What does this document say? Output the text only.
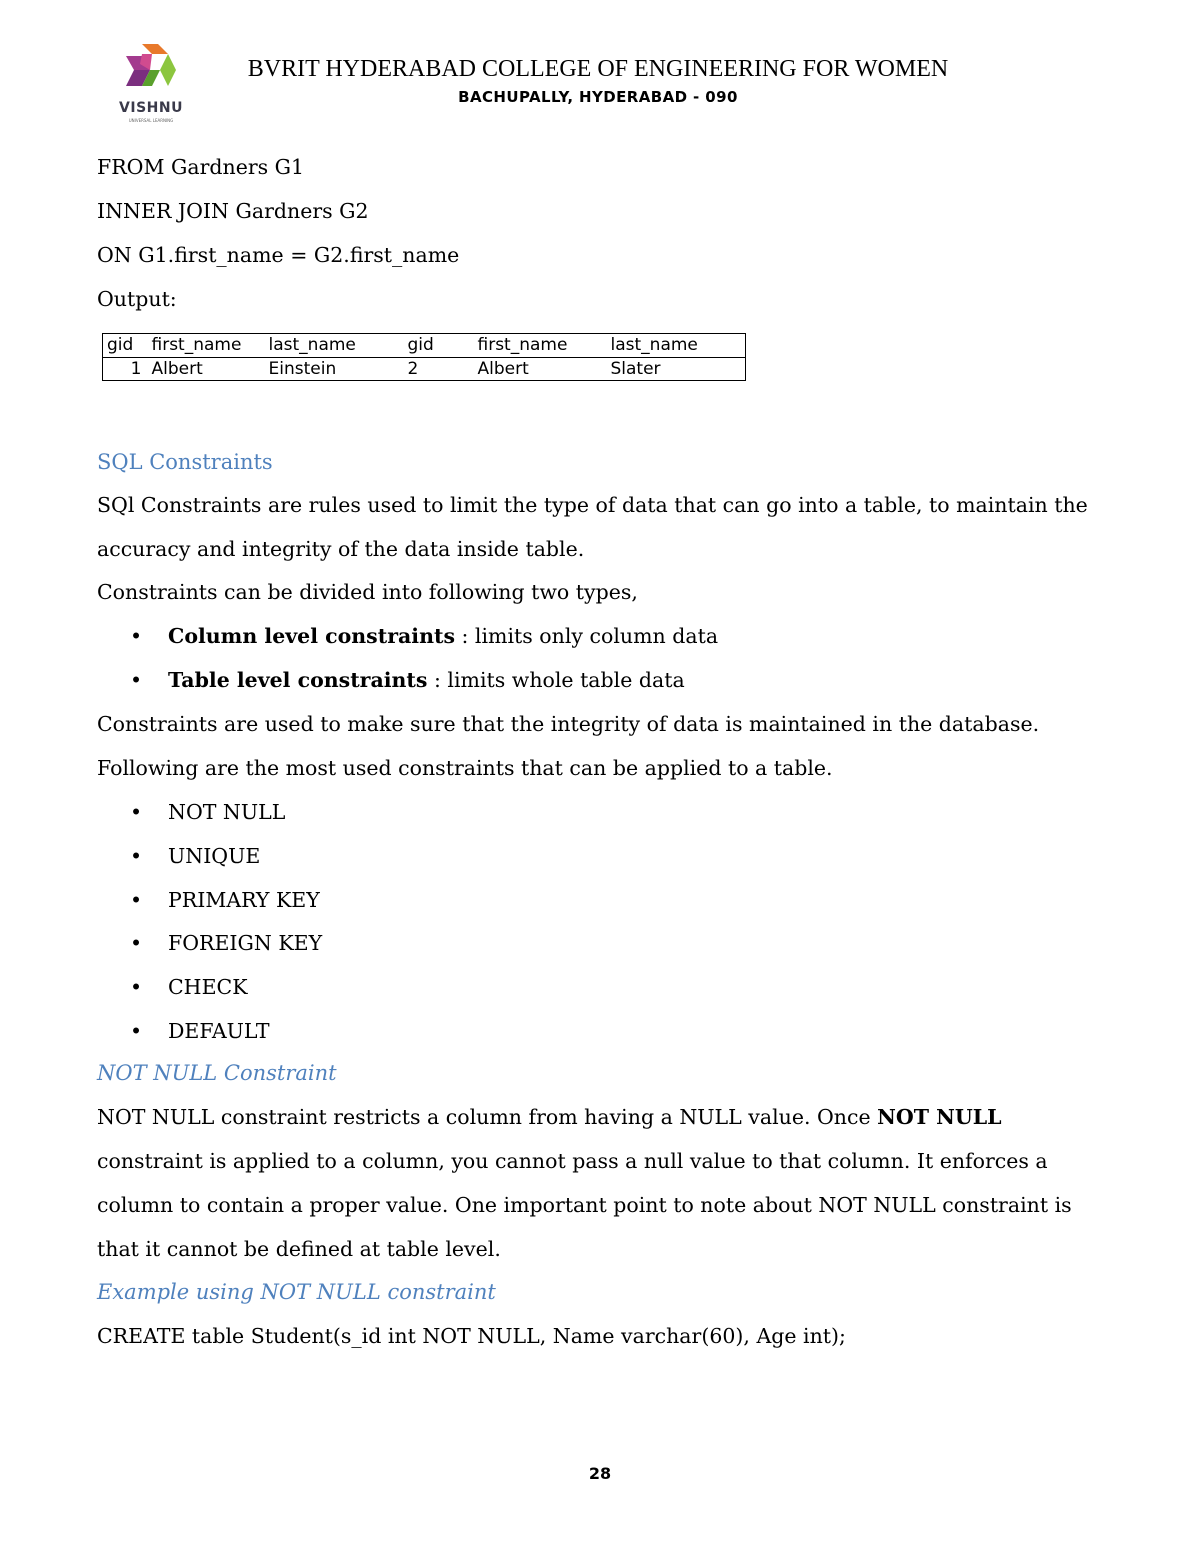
VISHNU
UNIVERSAL LEARNING
BVRIT HYDERABAD COLLEGE OF ENGINEERING FOR WOMEN
BACHUPALLY, HYDERABAD - 090
FROM Gardners G1
INNER JOIN Gardners G2
ON G1.first_name = G2.first_name
Output:
gid	first_name	last_name	gid	first_name	last_name
1	Albert	Einstein	2	Albert	Slater
SQL Constraints
SQl Constraints are rules used to limit the type of data that can go into a table, to maintain the
accuracy and integrity of the data inside table.
Constraints can be divided into following two types,
• Column level constraints : limits only column data
• Table level constraints : limits whole table data
Constraints are used to make sure that the integrity of data is maintained in the database.
Following are the most used constraints that can be applied to a table.
• NOT NULL
• UNIQUE
• PRIMARY KEY
• FOREIGN KEY
• CHECK
• DEFAULT
NOT NULL Constraint
NOT NULL constraint restricts a column from having a NULL value. Once NOT NULL
constraint is applied to a column, you cannot pass a null value to that column. It enforces a
column to contain a proper value. One important point to note about NOT NULL constraint is
that it cannot be defined at table level.
Example using NOT NULL constraint
CREATE table Student(s_id int NOT NULL, Name varchar(60), Age int);
28
